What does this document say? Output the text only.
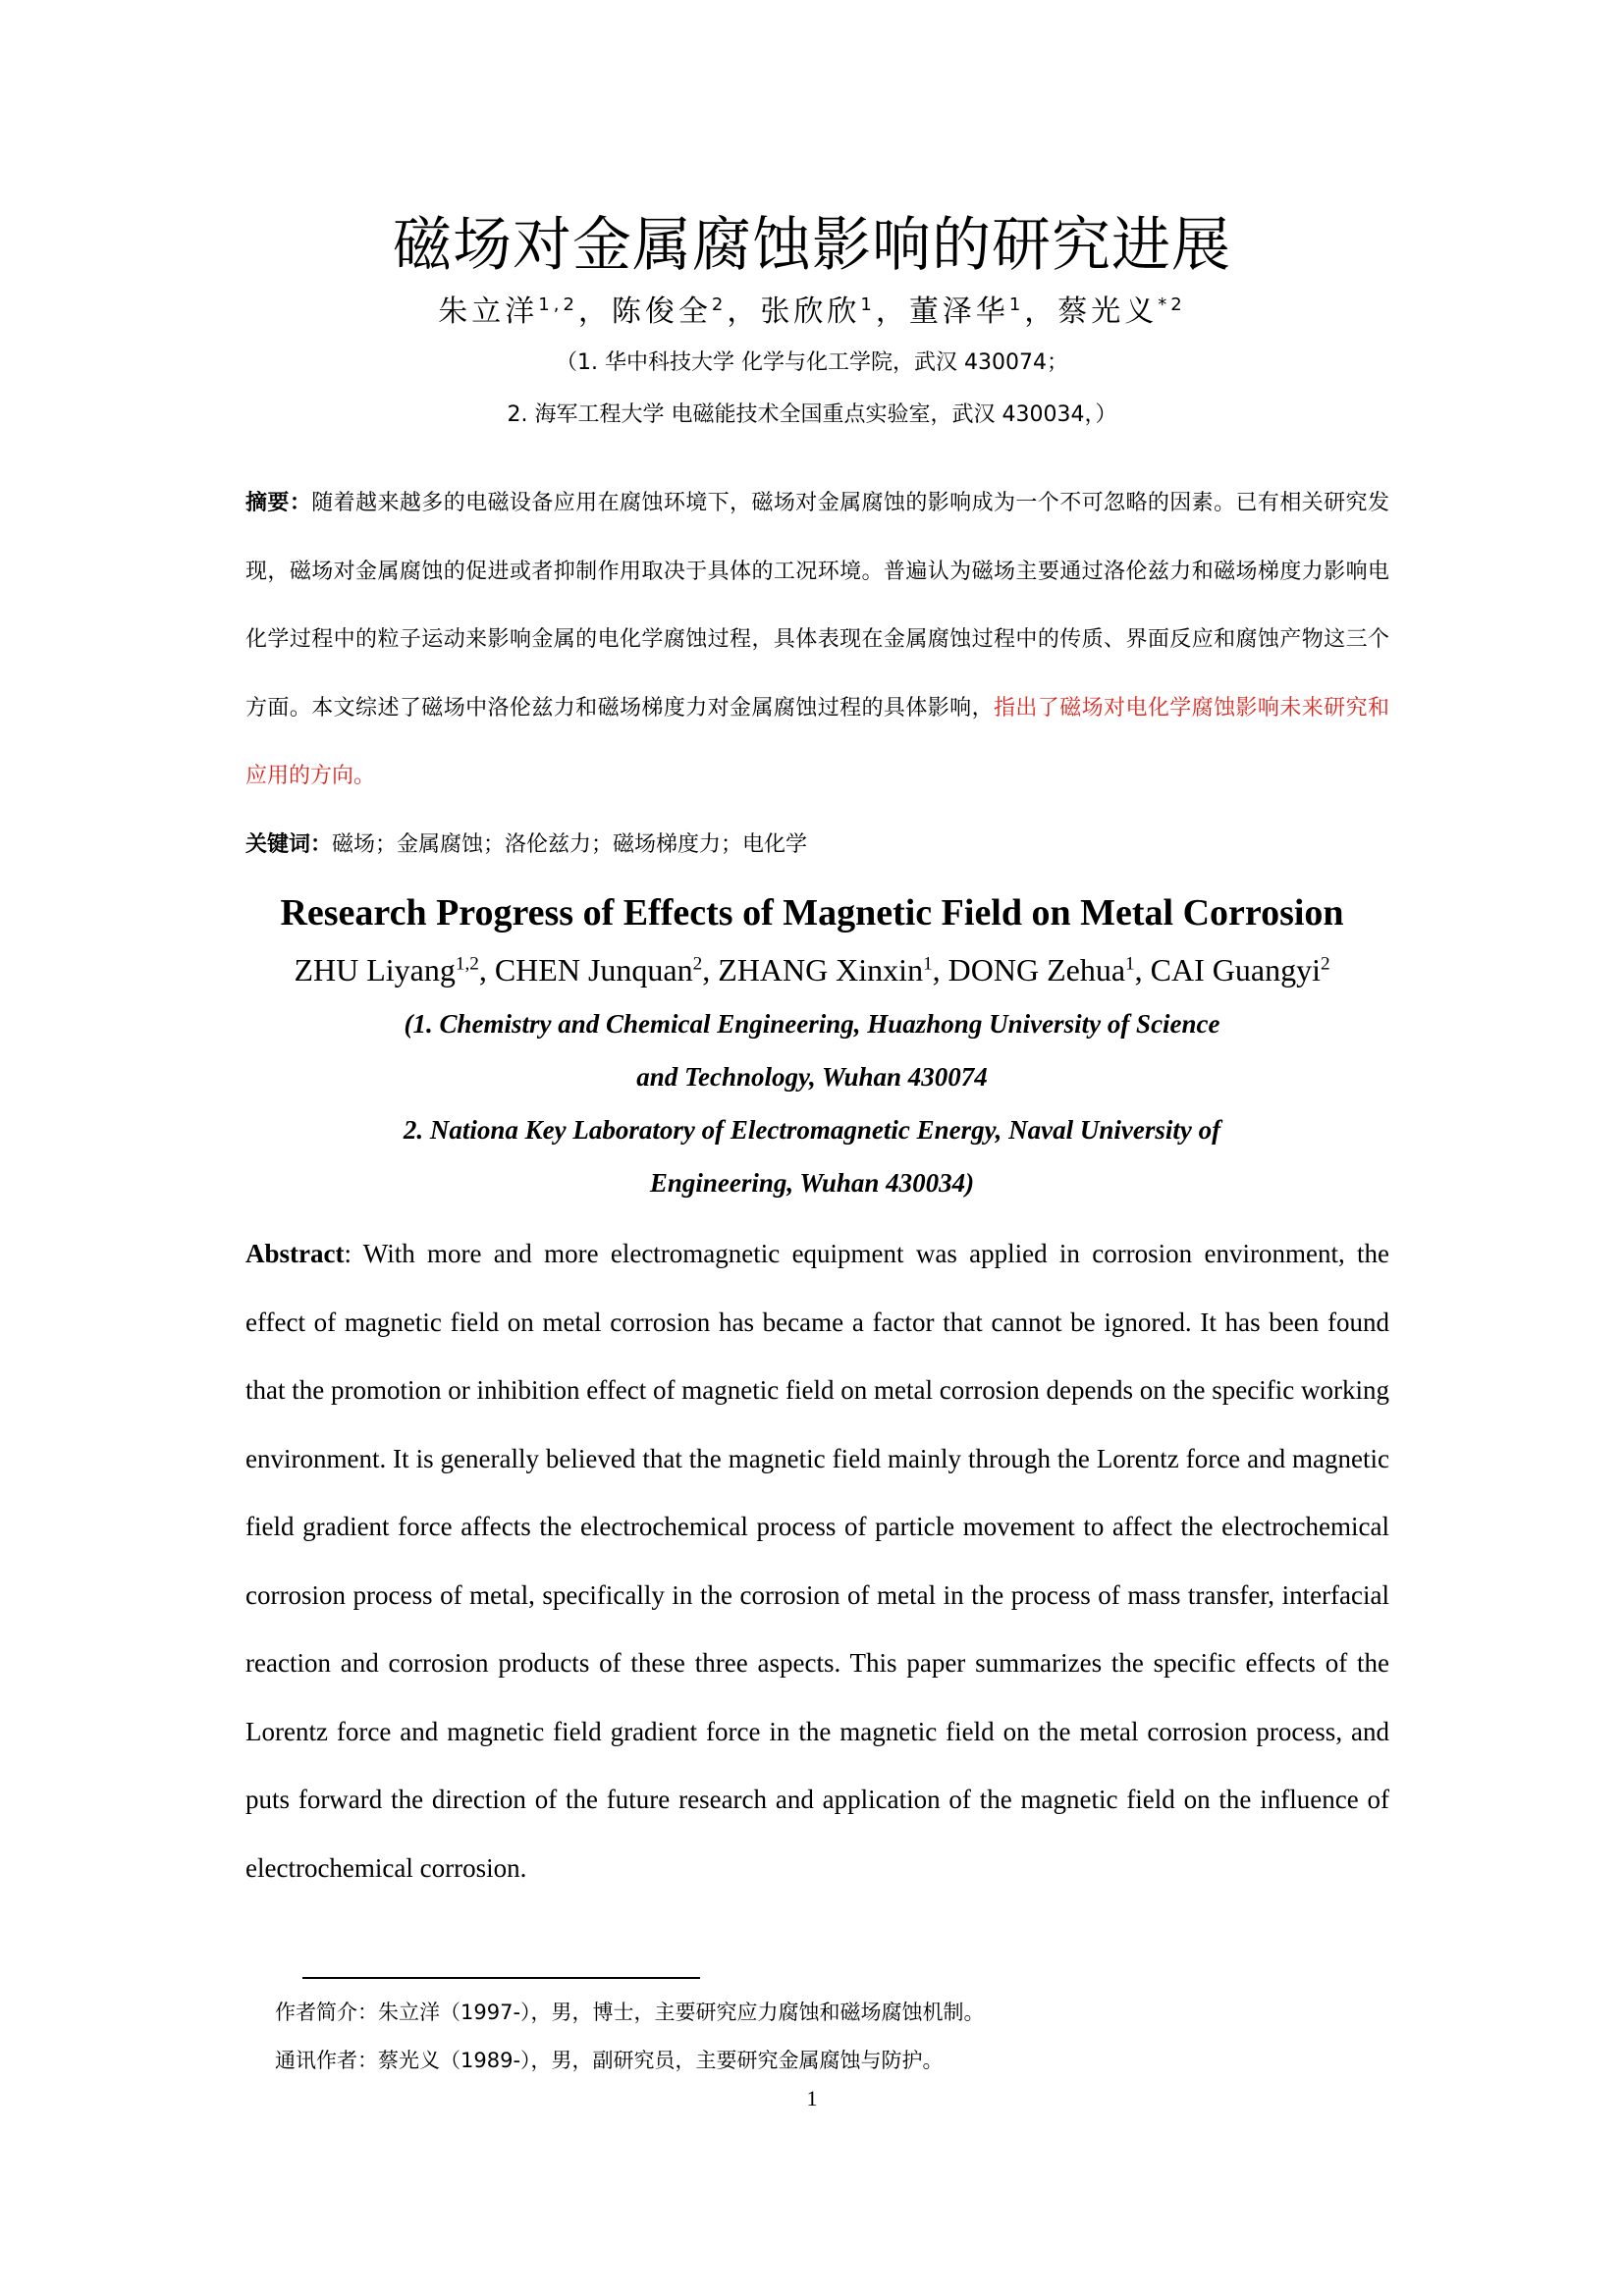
磁场对金属腐蚀影响的研究进展
朱立洋$^{1,2}$，陈俊全$^2$，张欣欣$^1$，董泽华$^1$，蔡光义$^{*2}$
（1. 华中科技大学 化学与化工学院，武汉 430074；
2. 海军工程大学 电磁能技术全国重点实验室，武汉 430034，）
摘要：随着越来越多的电磁设备应用在腐蚀环境下，磁场对金属腐蚀的影响成为一个不可忽略的因素。已有相关研究发现，磁场对金属腐蚀的促进或者抑制作用取决于具体的工况环境。普遍认为磁场主要通过洛伦兹力和磁场梯度力影响电化学过程中的粒子运动来影响金属的电化学腐蚀过程，具体表现在金属腐蚀过程中的传质、界面反应和腐蚀产物这三个方面。本文综述了磁场中洛伦兹力和磁场梯度力对金属腐蚀过程的具体影响，指出了磁场对电化学腐蚀影响未来研究和应用的方向。
关键词：磁场；金属腐蚀；洛伦兹力；磁场梯度力；电化学
Research Progress of Effects of Magnetic Field on Metal Corrosion
ZHU Liyang$^{1,2}$, CHEN Junquan$^2$, ZHANG Xinxin$^1$, DONG Zehua$^1$, CAI Guangyi$^2$
(1. Chemistry and Chemical Engineering, Huazhong University of Science
and Technology, Wuhan 430074
2. Nationa Key Laboratory of Electromagnetic Energy, Naval University of
Engineering, Wuhan 430034)
Abstract: With more and more electromagnetic equipment was applied in corrosion environment, the effect of magnetic field on metal corrosion has became a factor that cannot be ignored. It has been found that the promotion or inhibition effect of magnetic field on metal corrosion depends on the specific working environment. It is generally believed that the magnetic field mainly through the Lorentz force and magnetic field gradient force affects the electrochemical process of particle movement to affect the electrochemical corrosion process of metal, specifically in the corrosion of metal in the process of mass transfer, interfacial reaction and corrosion products of these three aspects. This paper summarizes the specific effects of the Lorentz force and magnetic field gradient force in the magnetic field on the metal corrosion process, and puts forward the direction of the future research and application of the magnetic field on the influence of electrochemical corrosion.
作者简介：朱立洋（1997-），男，博士，主要研究应力腐蚀和磁场腐蚀机制。
通讯作者：蔡光义（1989-），男，副研究员，主要研究金属腐蚀与防护。
1
